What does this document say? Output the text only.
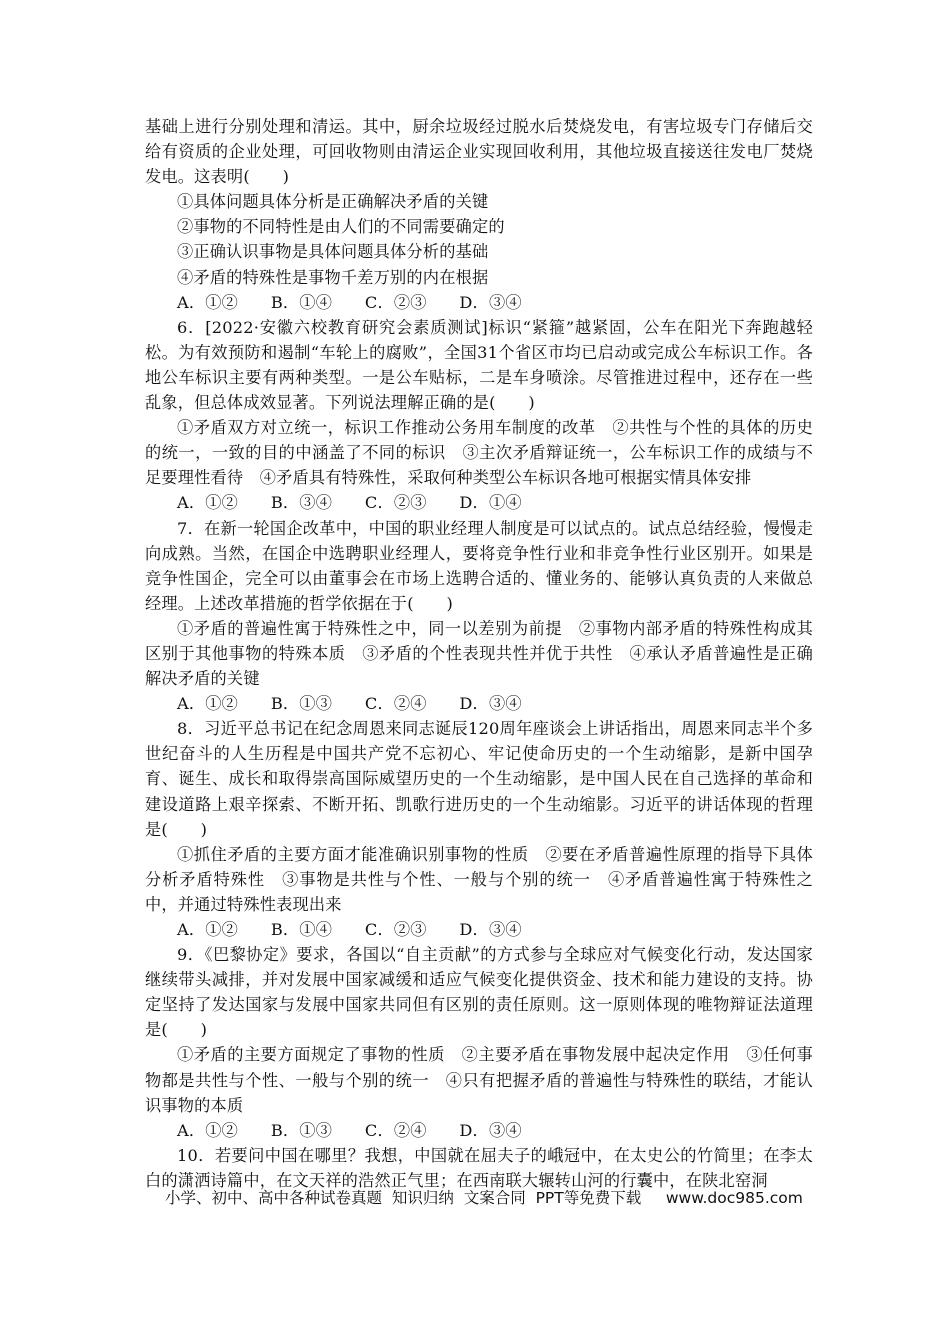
基础上进行分别处理和清运。其中，厨余垃圾经过脱水后焚烧发电，有害垃圾专门存储后交给有资质的企业处理，可回收物则由清运企业实现回收利用，其他垃圾直接送往发电厂焚烧发电。这表明(　　)

①具体问题具体分析是正确解决矛盾的关键

②事物的不同特性是由人们的不同需要确定的

③正确认识事物是具体问题具体分析的基础

④矛盾的特殊性是事物千差万别的内在根据

A．①②　　B．①④　　C．②③　　D．③④

6．[2022·安徽六校教育研究会素质测试]标识“紧箍”越紧固，公车在阳光下奔跑越轻松。为有效预防和遏制“车轮上的腐败”，全国31个省区市均已启动或完成公车标识工作。各地公车标识主要有两种类型。一是公车贴标，二是车身喷涂。尽管推进过程中，还存在一些乱象，但总体成效显著。下列说法理解正确的是(　　)

①矛盾双方对立统一，标识工作推动公务用车制度的改革　②共性与个性的具体的历史的统一，一致的目的中涵盖了不同的标识　③主次矛盾辩证统一，公车标识工作的成绩与不足要理性看待　④矛盾具有特殊性，采取何种类型公车标识各地可根据实情具体安排

A．①②　　B．③④　　C．②③　　D．①④

7．在新一轮国企改革中，中国的职业经理人制度是可以试点的。试点总结经验，慢慢走向成熟。当然，在国企中选聘职业经理人，要将竞争性行业和非竞争性行业区别开。如果是竞争性国企，完全可以由董事会在市场上选聘合适的、懂业务的、能够认真负责的人来做总经理。上述改革措施的哲学依据在于(　　)

①矛盾的普遍性寓于特殊性之中，同一以差别为前提　②事物内部矛盾的特殊性构成其区别于其他事物的特殊本质　③矛盾的个性表现共性并优于共性　④承认矛盾普遍性是正确解决矛盾的关键

A．①②　　B．①③　　C．②④　　D．③④

8．习近平总书记在纪念周恩来同志诞辰120周年座谈会上讲话指出，周恩来同志半个多世纪奋斗的人生历程是中国共产党不忘初心、牢记使命历史的一个生动缩影，是新中国孕育、诞生、成长和取得崇高国际威望历史的一个生动缩影，是中国人民在自己选择的革命和建设道路上艰辛探索、不断开拓、凯歌行进历史的一个生动缩影。习近平的讲话体现的哲理是(　　)

①抓住矛盾的主要方面才能准确识别事物的性质　②要在矛盾普遍性原理的指导下具体分析矛盾特殊性　③事物是共性与个性、一般与个别的统一　④矛盾普遍性寓于特殊性之中，并通过特殊性表现出来

A．①②　　B．①④　　C．②③　　D．③④

9．《巴黎协定》要求，各国以“自主贡献”的方式参与全球应对气候变化行动，发达国家继续带头减排，并对发展中国家减缓和适应气候变化提供资金、技术和能力建设的支持。协定坚持了发达国家与发展中国家共同但有区别的责任原则。这一原则体现的唯物辩证法道理是(　　)

①矛盾的主要方面规定了事物的性质　②主要矛盾在事物发展中起决定作用　③任何事物都是共性与个性、一般与个别的统一　④只有把握矛盾的普遍性与特殊性的联结，才能认识事物的本质

A．①②　　B．①③　　C．②④　　D．③④

10．若要问中国在哪里？我想，中国就在屈夫子的峨冠中，在太史公的竹简里；在李太白的潇洒诗篇中，在文天祥的浩然正气里；在西南联大辗转山河的行囊中，在陕北窑洞

小学、初中、高中各种试卷真题  知识归纳  文案合同  PPT等免费下载     www.doc985.com
